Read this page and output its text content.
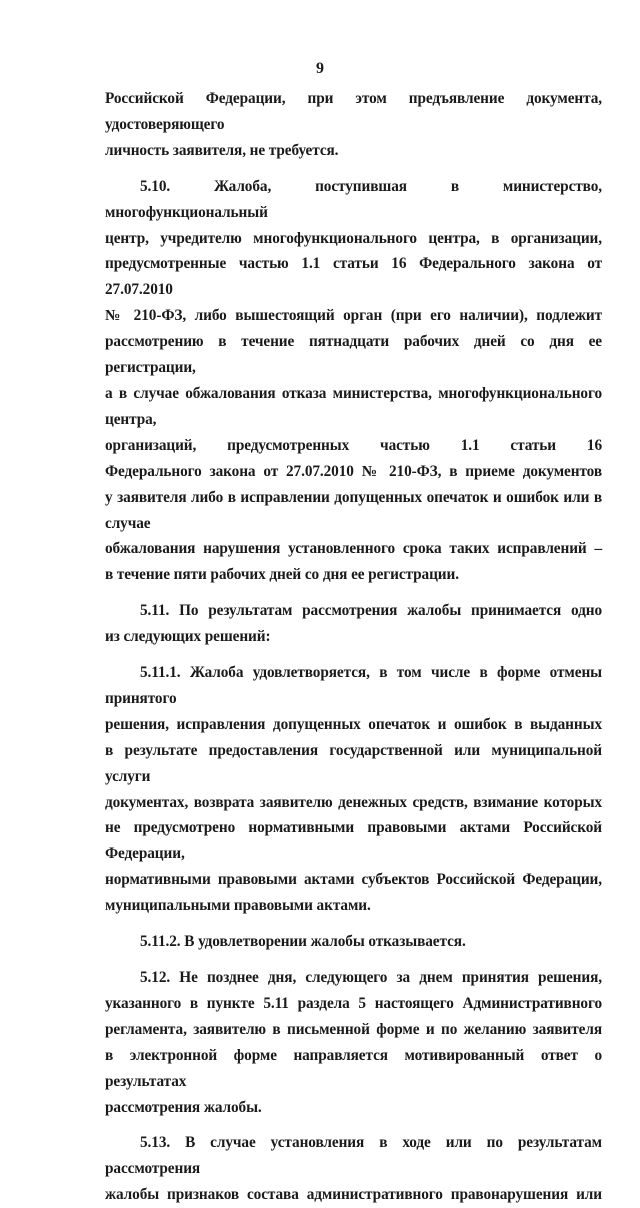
9

Российской Федерации, при этом предъявление документа, удостоверяющего

личность заявителя, не требуется.

5.10. Жалоба, поступившая в министерство, многофункциональный

центр, учредителю многофункционального центра, в организации,

предусмотренные частью 1.1 статьи 16 Федерального закона от 27.07.2010

№ 210-ФЗ, либо вышестоящий орган (при его наличии), подлежит

рассмотрению в течение пятнадцати рабочих дней со дня ее регистрации,

а в случае обжалования отказа министерства, многофункционального центра,

организаций, предусмотренных частью 1.1 статьи 16

Федерального закона от 27.07.2010 № 210-ФЗ, в приеме документов

у заявителя либо в исправлении допущенных опечаток и ошибок или в случае

обжалования нарушения установленного срока таких исправлений –

в течение пяти рабочих дней со дня ее регистрации.

5.11. По результатам рассмотрения жалобы принимается одно

из следующих решений:

5.11.1. Жалоба удовлетворяется, в том числе в форме отмены принятого

решения, исправления допущенных опечаток и ошибок в выданных

в результате предоставления государственной или муниципальной услуги

документах, возврата заявителю денежных средств, взимание которых

не предусмотрено нормативными правовыми актами Российской Федерации,

нормативными правовыми актами субъектов Российской Федерации,

муниципальными правовыми актами.

5.11.2. В удовлетворении жалобы отказывается.

5.12. Не позднее дня, следующего за днем принятия решения,

указанного в пункте 5.11 раздела 5 настоящего Административного

регламента, заявителю в письменной форме и по желанию заявителя

в электронной форме направляется мотивированный ответ о результатах

рассмотрения жалобы.

5.13. В случае установления в ходе или по результатам рассмотрения

жалобы признаков состава административного правонарушения или
